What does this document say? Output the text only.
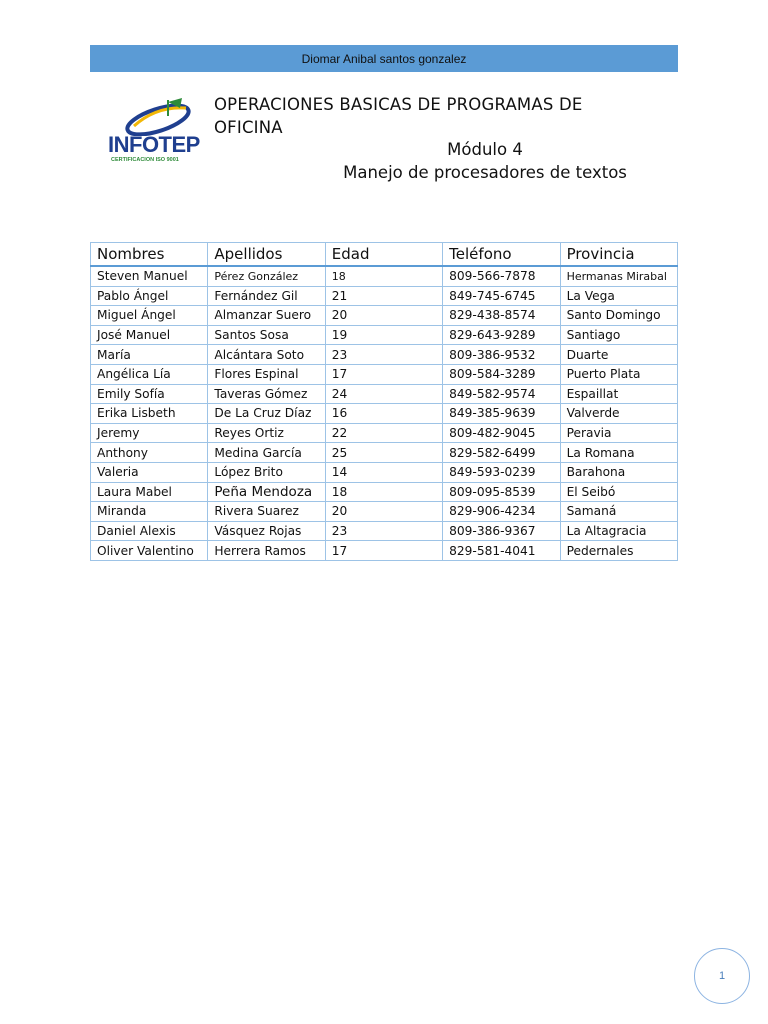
Diomar Anibal santos gonzalez
INFOTEP
CERTIFICACION ISO 9001
OPERACIONES BASICAS DE PROGRAMAS DE OFICINA
Módulo 4
Manejo de procesadores de textos
Nombres	Apellidos	Edad	Teléfono	Provincia
Steven Manuel	Pérez González	18	809-566-7878	Hermanas Mirabal
Pablo Ángel	Fernández Gil	21	849-745-6745	La Vega
Miguel Ángel	Almanzar Suero	20	829-438-8574	Santo Domingo
José Manuel	Santos Sosa	19	829-643-9289	Santiago
María	Alcántara Soto	23	809-386-9532	Duarte
Angélica Lía	Flores Espinal	17	809-584-3289	Puerto Plata
Emily Sofía	Taveras Gómez	24	849-582-9574	Espaillat
Erika Lisbeth	De La Cruz Díaz	16	849-385-9639	Valverde
Jeremy	Reyes Ortiz	22	809-482-9045	Peravia
Anthony	Medina García	25	829-582-6499	La Romana
Valeria	López Brito	14	849-593-0239	Barahona
Laura Mabel	Peña Mendoza	18	809-095-8539	El Seibó
Miranda	Rivera Suarez	20	829-906-4234	Samaná
Daniel Alexis	Vásquez Rojas	23	809-386-9367	La Altagracia
Oliver Valentino	Herrera Ramos	17	829-581-4041	Pedernales
1
